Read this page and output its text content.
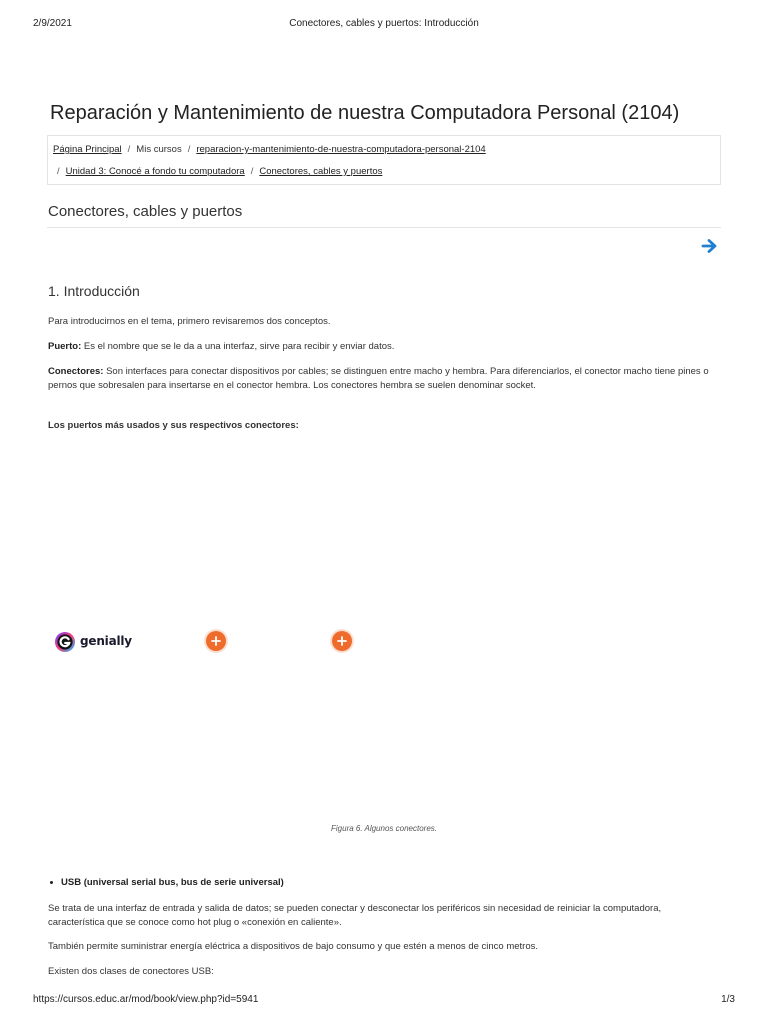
2/9/2021	Conectores, cables y puertos: Introducción
Reparación y Mantenimiento de nuestra Computadora Personal (2104)
Página Principal / Mis cursos / reparacion-y-mantenimiento-de-nuestra-computadora-personal-2104
/ Unidad 3: Conocé a fondo tu computadora / Conectores, cables y puertos
Conectores, cables y puertos
1. Introducción

Para introducirnos en el tema, primero revisaremos dos conceptos.

Puerto: Es el nombre que se le da a una interfaz, sirve para recibir y enviar datos.

Conectores: Son interfaces para conectar dispositivos por cables; se distinguen entre macho y hembra. Para diferenciarlos, el conector macho tiene pines o pernos que sobresalen para insertarse en el conector hembra. Los conectores hembra se suelen denominar socket.

Los puertos más usados y sus respectivos conectores:

genially
Figura 6. Algunos conectores.
USB (universal serial bus, bus de serie universal)

Se trata de una interfaz de entrada y salida de datos; se pueden conectar y desconectar los periféricos sin necesidad de reiniciar la computadora, característica que se conoce como hot plug o «conexión en caliente».

También permite suministrar energía eléctrica a dispositivos de bajo consumo y que estén a menos de cinco metros.

Existen dos clases de conectores USB:

https://cursos.educ.ar/mod/book/view.php?id=5941	1/3
